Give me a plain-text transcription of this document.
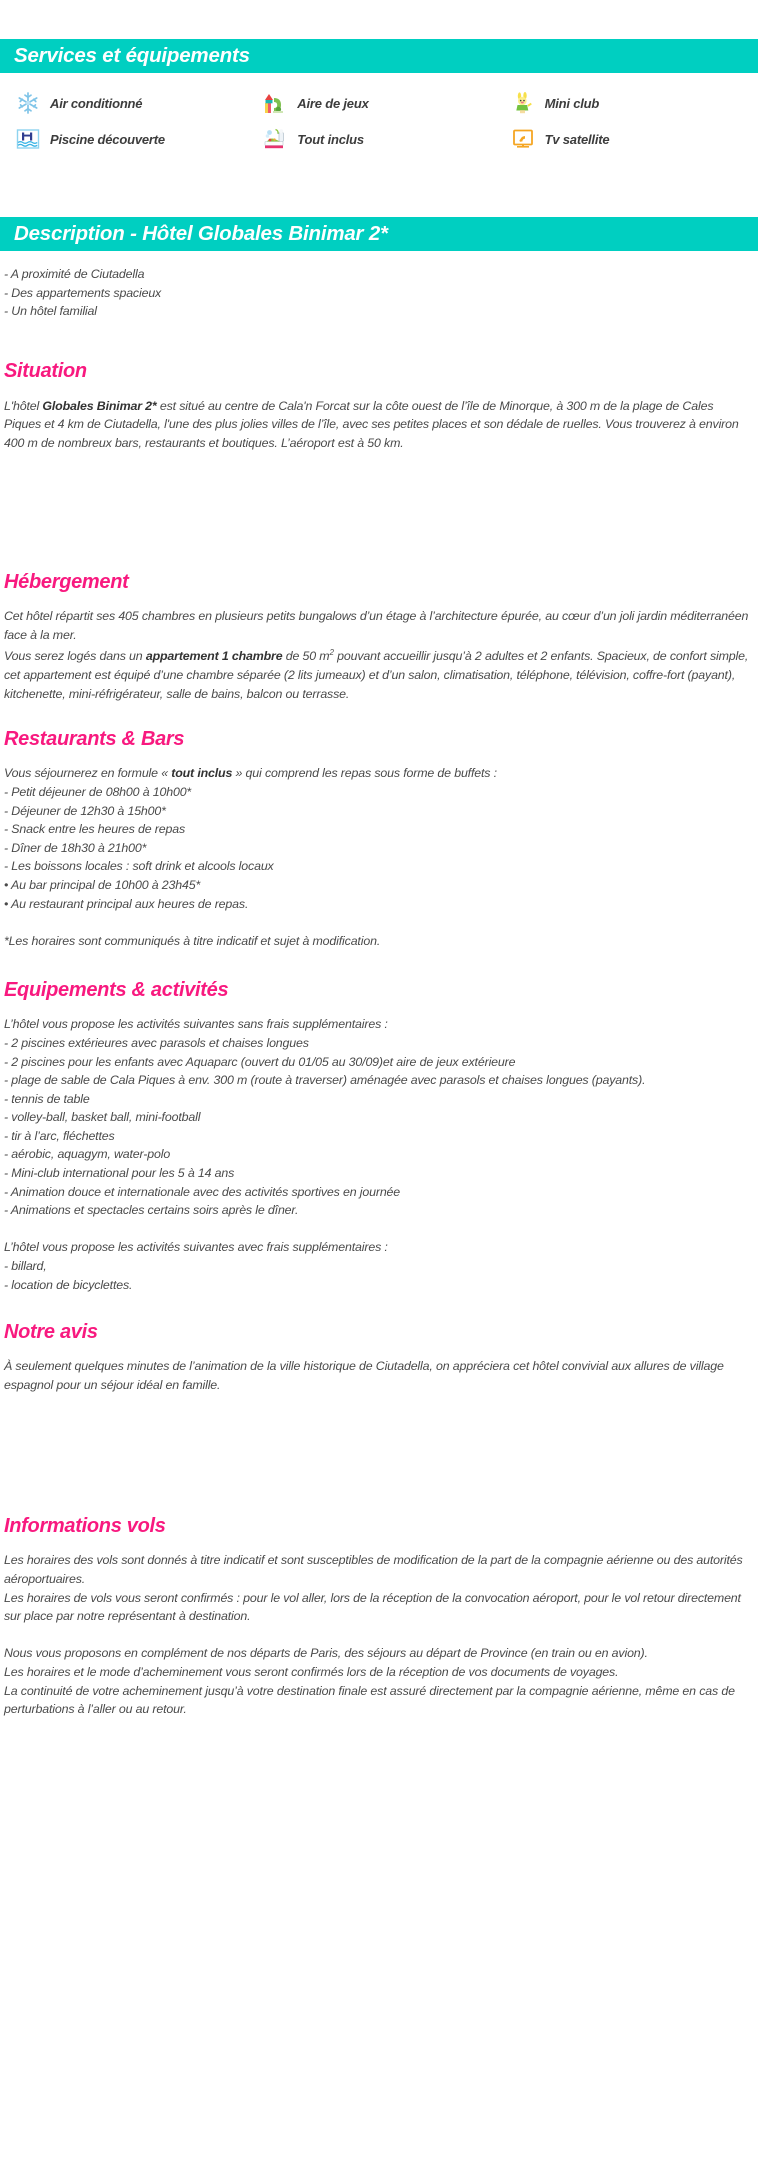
Services et équipements
Air conditionné	Aire de jeux	Mini club
Piscine découverte	Tout inclus	Tv satellite
Description - Hôtel Globales Binimar 2*
- A proximité de Ciutadella
- Des appartements spacieux
- Un hôtel familial
Situation

L'hôtel Globales Binimar 2* est situé au centre de Cala'n Forcat sur la côte ouest de l’île de Minorque, à 300 m de la plage de Cales Piques et 4 km de Ciutadella, l'une des plus jolies villes de l’île, avec ses petites places et son dédale de ruelles. Vous trouverez à environ 400 m de nombreux bars, restaurants et boutiques. L’aéroport est à 50 km.

Hébergement

Cet hôtel répartit ses 405 chambres en plusieurs petits bungalows d’un étage à l’architecture épurée, au cœur d’un joli jardin méditerranéen face à la mer.

Vous serez logés dans un appartement 1 chambre de 50 $m^2$ pouvant accueillir jusqu’à 2 adultes et 2 enfants. Spacieux, de confort simple, cet appartement est équipé d’une chambre séparée (2 lits jumeaux) et d’un salon, climatisation, téléphone, télévision, coffre-fort (payant), kitchenette, mini-réfrigérateur, salle de bains, balcon ou terrasse.

Restaurants & Bars

Vous séjournerez en formule « tout inclus » qui comprend les repas sous forme de buffets :

- Petit déjeuner de 08h00 à 10h00*

- Déjeuner de 12h30 à 15h00*

- Snack entre les heures de repas

- Dîner de 18h30 à 21h00*

- Les boissons locales : soft drink et alcools locaux

• Au bar principal de 10h00 à 23h45*

• Au restaurant principal aux heures de repas.

*Les horaires sont communiqués à titre indicatif et sujet à modification.

Equipements & activités

L’hôtel vous propose les activités suivantes sans frais supplémentaires :

- 2 piscines extérieures avec parasols et chaises longues

- 2 piscines pour les enfants avec Aquaparc (ouvert du 01/05 au 30/09)et aire de jeux extérieure

- plage de sable de Cala Piques à env. 300 m (route à traverser) aménagée avec parasols et chaises longues (payants).

- tennis de table

- volley-ball, basket ball, mini-football

- tir à l’arc, fléchettes

- aérobic, aquagym, water-polo

- Mini-club international pour les 5 à 14 ans

- Animation douce et internationale avec des activités sportives en journée

- Animations et spectacles certains soirs après le dîner.

L’hôtel vous propose les activités suivantes avec frais supplémentaires :

- billard,

- location de bicyclettes.

Notre avis

À seulement quelques minutes de l’animation de la ville historique de Ciutadella, on appréciera cet hôtel convivial aux allures de village espagnol pour un séjour idéal en famille.

Informations vols

Les horaires des vols sont donnés à titre indicatif et sont susceptibles de modification de la part de la compagnie aérienne ou des autorités aéroportuaires.

Les horaires de vols vous seront confirmés : pour le vol aller, lors de la réception de la convocation aéroport, pour le vol retour directement sur place par notre représentant à destination.

Nous vous proposons en complément de nos départs de Paris, des séjours au départ de Province (en train ou en avion).

Les horaires et le mode d’acheminement vous seront confirmés lors de la réception de vos documents de voyages.

La continuité de votre acheminement jusqu’à votre destination finale est assuré directement par la compagnie aérienne, même en cas de perturbations à l’aller ou au retour.
